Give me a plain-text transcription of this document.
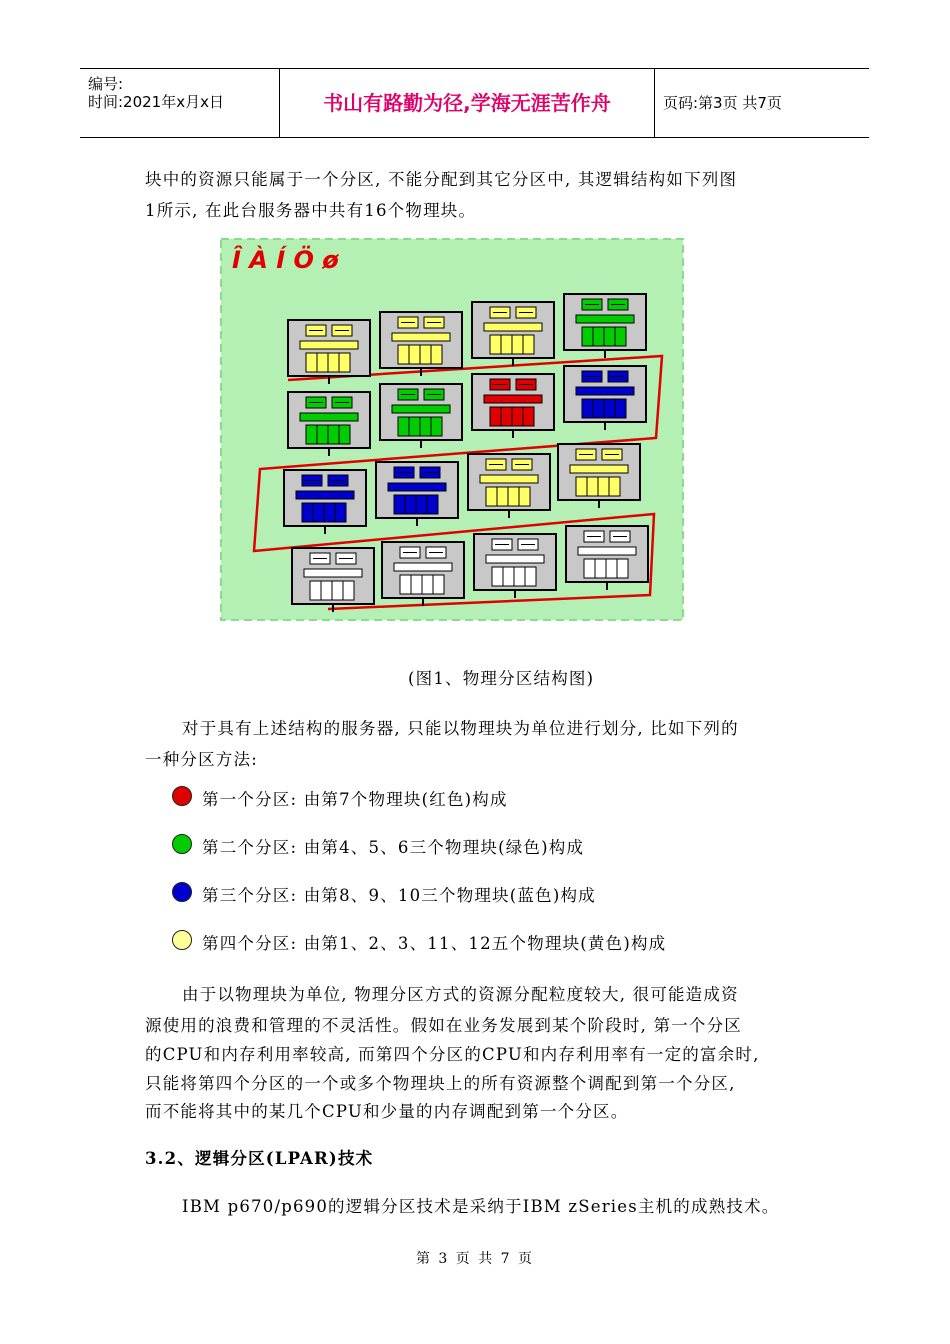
编号:
时间:2021年x月x日	书山有路勤为径,学海无涯苦作舟	页码:第3页 共7页
块中的资源只能属于一个分区, 不能分配到其它分区中, 其逻辑结构如下列图
1所示, 在此台服务器中共有16个物理块。
Î À Í Ö ø
(图1、物理分区结构图)
对于具有上述结构的服务器, 只能以物理块为单位进行划分, 比如下列的
一种分区方法:
第一个分区: 由第7个物理块(红色)构成
第二个分区: 由第4、5、6三个物理块(绿色)构成
第三个分区: 由第8、9、10三个物理块(蓝色)构成
第四个分区: 由第1、2、3、11、12五个物理块(黄色)构成
由于以物理块为单位, 物理分区方式的资源分配粒度较大, 很可能造成资
源使用的浪费和管理的不灵活性。假如在业务发展到某个阶段时, 第一个分区
的CPU和内存利用率较高, 而第四个分区的CPU和内存利用率有一定的富余时,
只能将第四个分区的一个或多个物理块上的所有资源整个调配到第一个分区,
而不能将其中的某几个CPU和少量的内存调配到第一个分区。
3.2、逻辑分区(LPAR)技术
IBM p670/p690的逻辑分区技术是采纳于IBM zSeries主机的成熟技术。
第 3 页 共 7 页
